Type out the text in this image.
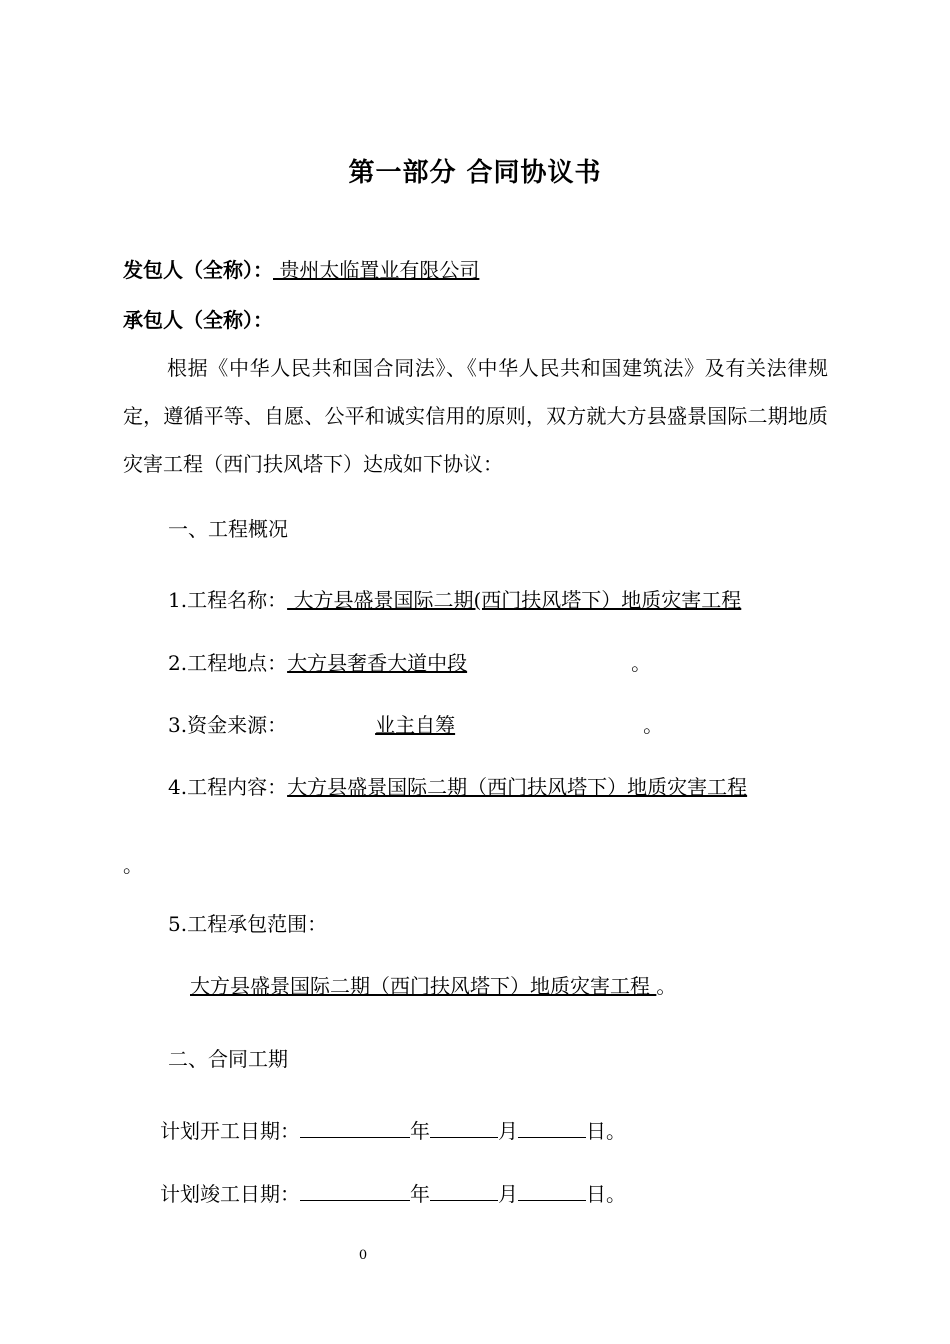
第一部分 合同协议书
发包人（全称）： 贵州太临置业有限公司
承包人（全称）：
根据《中华人民共和国合同法》、《中华人民共和国建筑法》及有关法律规定，遵循平等、自愿、公平和诚实信用的原则，双方就大方县盛景国际二期地质灾害工程（西门扶风塔下）达成如下协议：
一、工程概况
1.工程名称： 大方县盛景国际二期(西门扶风塔下）地质灾害工程
2.工程地点：大方县奢香大道中段	。
3.资金来源：	业主自筹	。
4.工程内容：大方县盛景国际二期（西门扶风塔下）地质灾害工程
。
5.工程承包范围：
大方县盛景国际二期（西门扶风塔下）地质灾害工程 。
二、合同工期
计划开工日期：	年	月	日。
计划竣工日期：	年	月	日。
0
